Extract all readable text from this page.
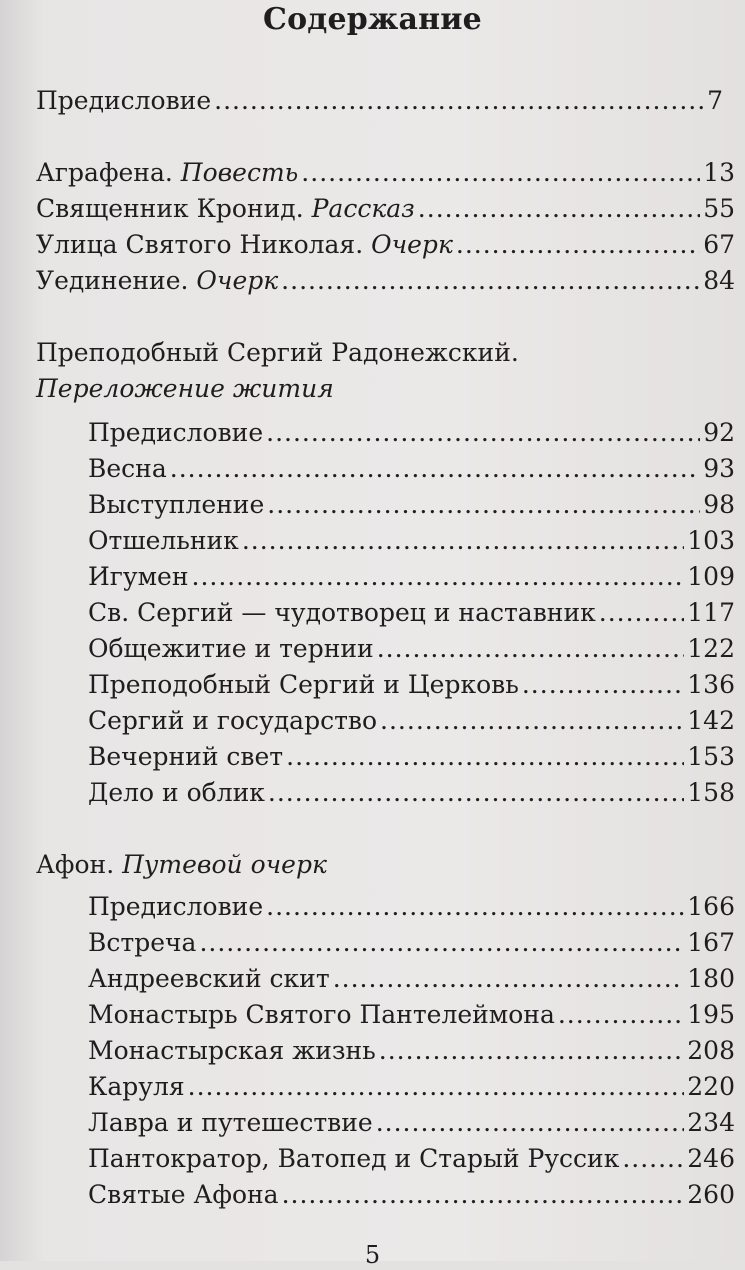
Содержание
Предисловие .....	7
Аграфена. Повесть .....	13
Священник Кронид. Рассказ .....	55
Улица Святого Николая. Очерк .....	67
Уединение. Очерк .....	84
Преподобный Сергий Радонежский.
Переложение жития
Предисловие .....	92
Весна .....	93
Выступление .....	98
Отшельник .....	103
Игумен .....	109
Св. Сергий — чудотворец и наставник .....	117
Общежитие и тернии .....	122
Преподобный Сергий и Церковь .....	136
Сергий и государство .....	142
Вечерний свет .....	153
Дело и облик .....	158
Афон. Путевой очерк
Предисловие .....	166
Встреча .....	167
Андреевский скит .....	180
Монастырь Святого Пантелеймона .....	195
Монастырская жизнь .....	208
Каруля .....	220
Лавра и путешествие .....	234
Пантократор, Ватопед и Старый Руссик .....	246
Святые Афона .....	260
5
